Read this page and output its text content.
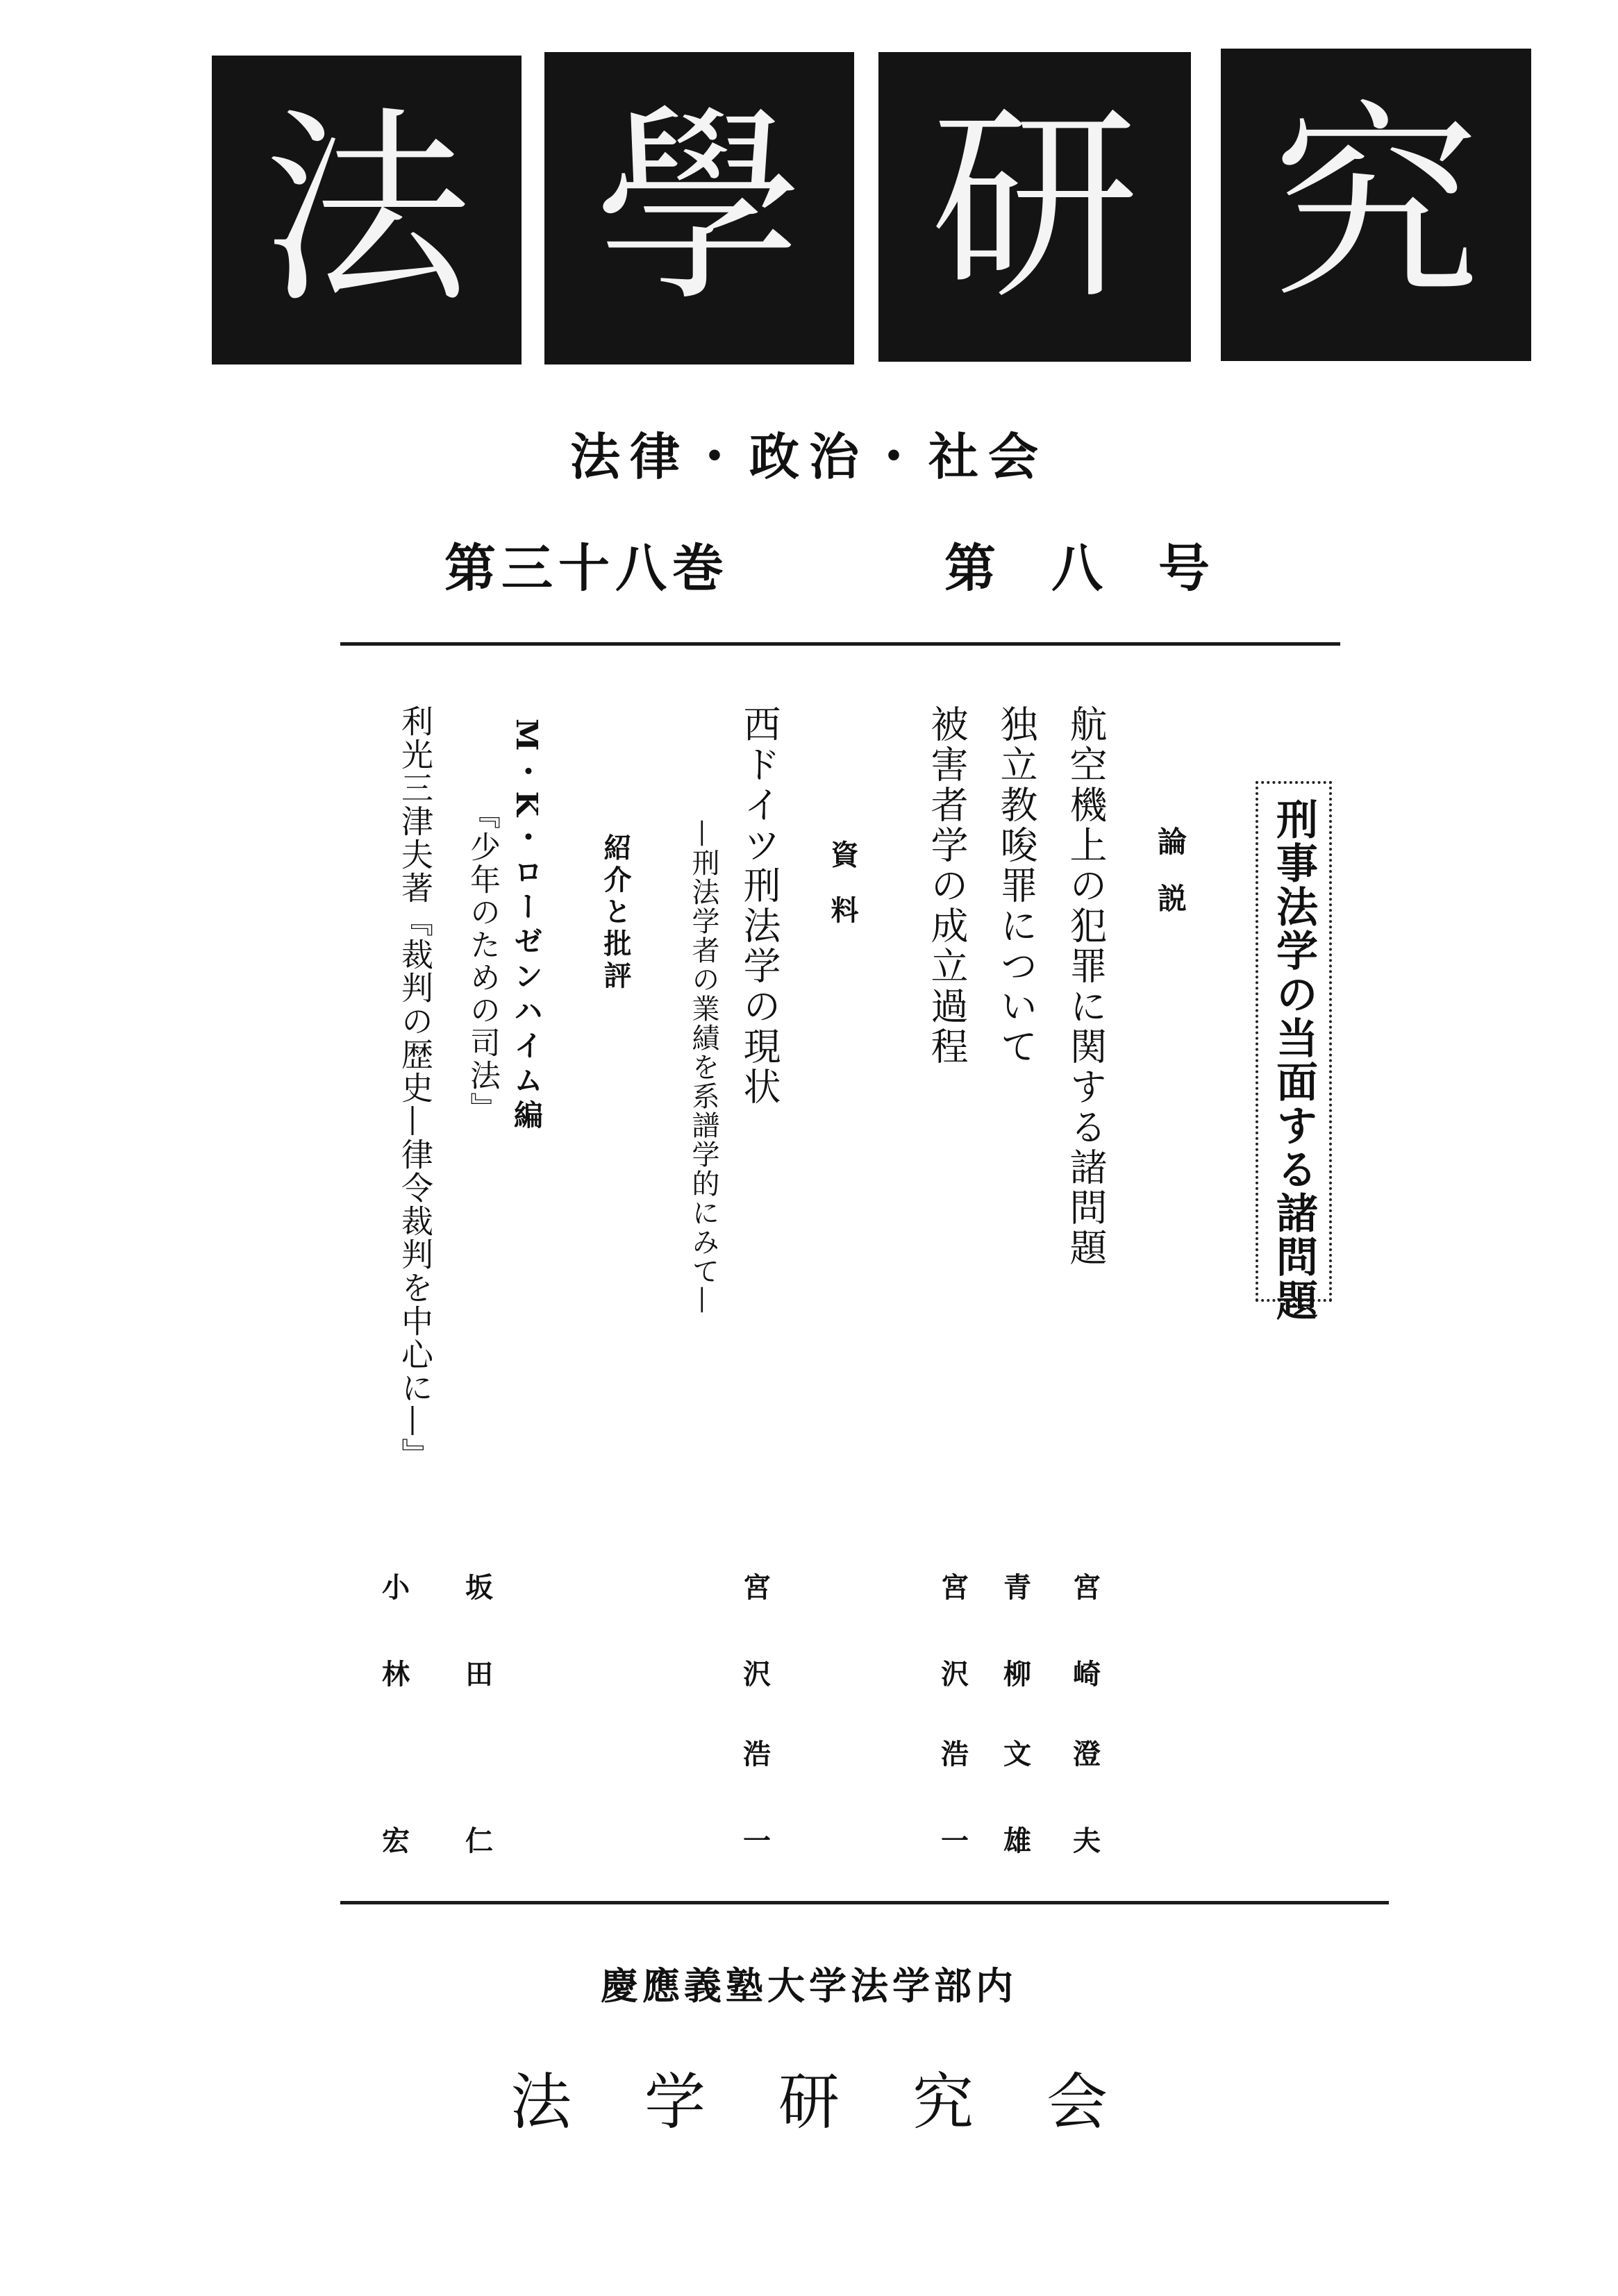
法 學 研 究
法律・政治・社会
第三十八巻	第八号
刑事法学の当面する諸問題
論説
資料
紹介と批評	航空機上の犯罪に関する諸問題
独立教唆罪について
被害者学の成立過程
西ドイツ刑法学の現状
—刑法学者の業績を系譜学的にみて—
M・K・ローゼンハイム編
『少年のための司法』
利光三津夫著『裁判の歴史—律令裁判を中心に—』
宮
崎
澄
夫
青
柳
文
雄
宮
沢
浩
一
宮
沢
浩
一
坂
田
仁
小
林
宏
慶應義塾大学法学部内
法学研究会
